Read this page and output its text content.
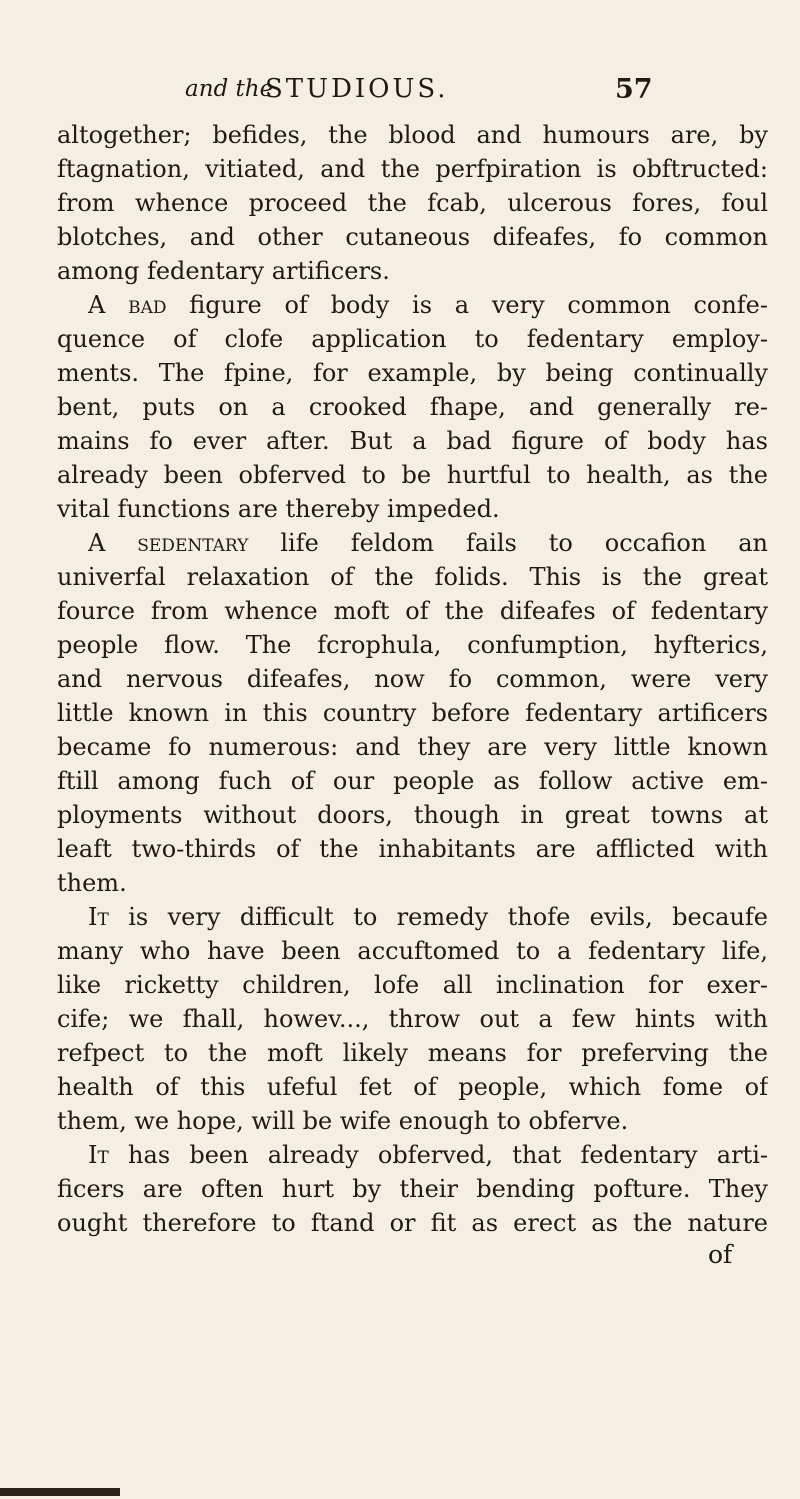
and the
STUDIOUS.	57
altogether; befides, the blood and humours are, by
ftagnation, vitiated, and the perfpiration is obftructed:
from whence proceed the fcab, ulcerous fores, foul
blotches, and other cutaneous difeafes, fo common
among fedentary artificers.
A bad figure of body is a very common confe-
quence of clofe application to fedentary employ-
ments. The fpine, for example, by being continually
bent, puts on a crooked fhape, and generally re-
mains fo ever after. But a bad figure of body has
already been obferved to be hurtful to health, as the
vital functions are thereby impeded.
A sedentary life feldom fails to occafion an
univerfal relaxation of the folids. This is the great
fource from whence moft of the difeafes of fedentary
people flow. The fcrophula, confumption, hyfterics,
and nervous difeafes, now fo common, were very
little known in this country before fedentary artificers
became fo numerous: and they are very little known
ftill among fuch of our people as follow active em-
ployments without doors, though in great towns at
leaft two-thirds of the inhabitants are afflicted with
them.
It is very difficult to remedy thofe evils, becaufe
many who have been accuftomed to a fedentary life,
like ricketty children, lofe all inclination for exer-
cife; we fhall, howev..., throw out a few hints with
refpect to the moft likely means for preferving the
health of this ufeful fet of people, which fome of
them, we hope, will be wife enough to obferve.
It has been already obferved, that fedentary arti-
ficers are often hurt by their bending pofture. They
ought therefore to ftand or fit as erect as the nature
of
